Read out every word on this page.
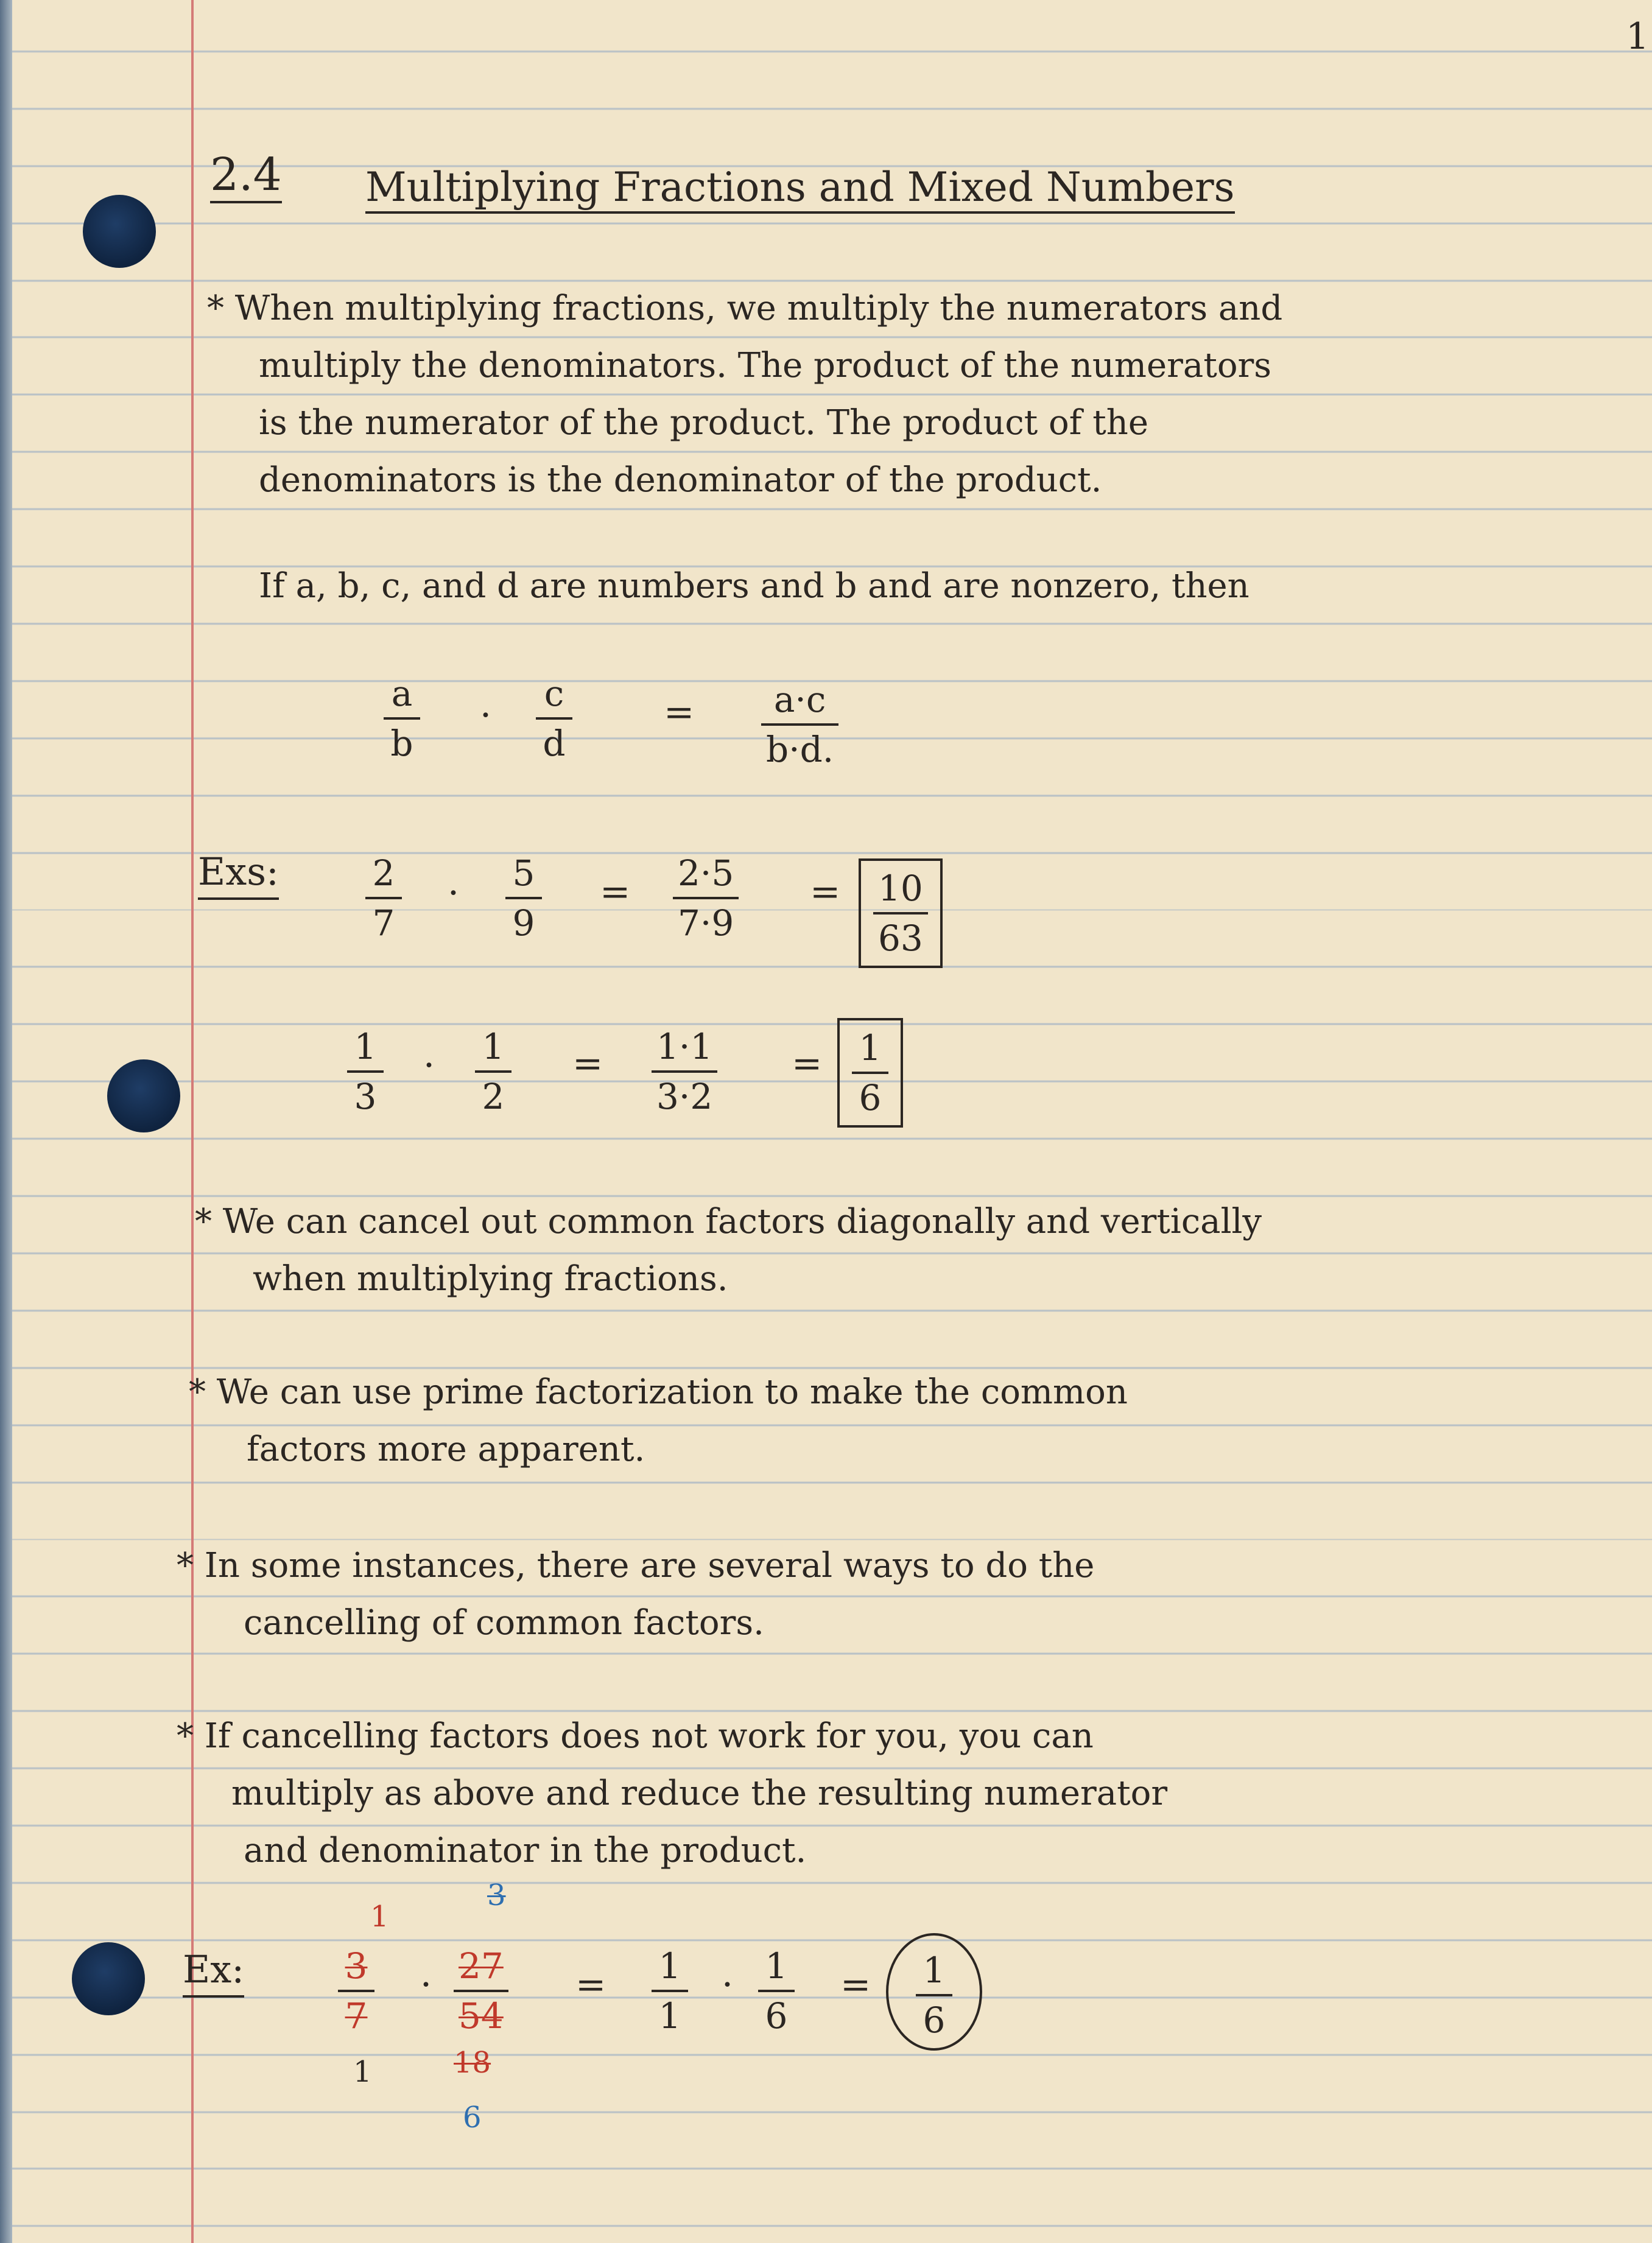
1
2.4 Multiplying Fractions and Mixed Numbers
* When multiplying fractions, we multiply the numerators and
multiply the denominators. The product of the numerators
is the numerator of the product. The product of the
denominators is the denominator of the product.
If a, b, c, and d are numbers and b and are nonzero, then
a
b
·
c
d
= a·c
b·d.
Exs:	2
7
· 5
9
= 2·5
7·9
= 10
63
1
3
· 1
2
= 1·1
3·2
= 1
6
* We can cancel out common factors diagonally and vertically
when multiplying fractions.
* We can use prime factorization to make the common
factors more apparent.
* In some instances, there are several ways to do the
cancelling of common factors.
* If cancelling factors does not work for you, you can
multiply as above and reduce the resulting numerator
and denominator in the product.
Ex:
1
3
7
1
·
3
27
54
18
6
= 1
1
· 1
6
= 1
6
